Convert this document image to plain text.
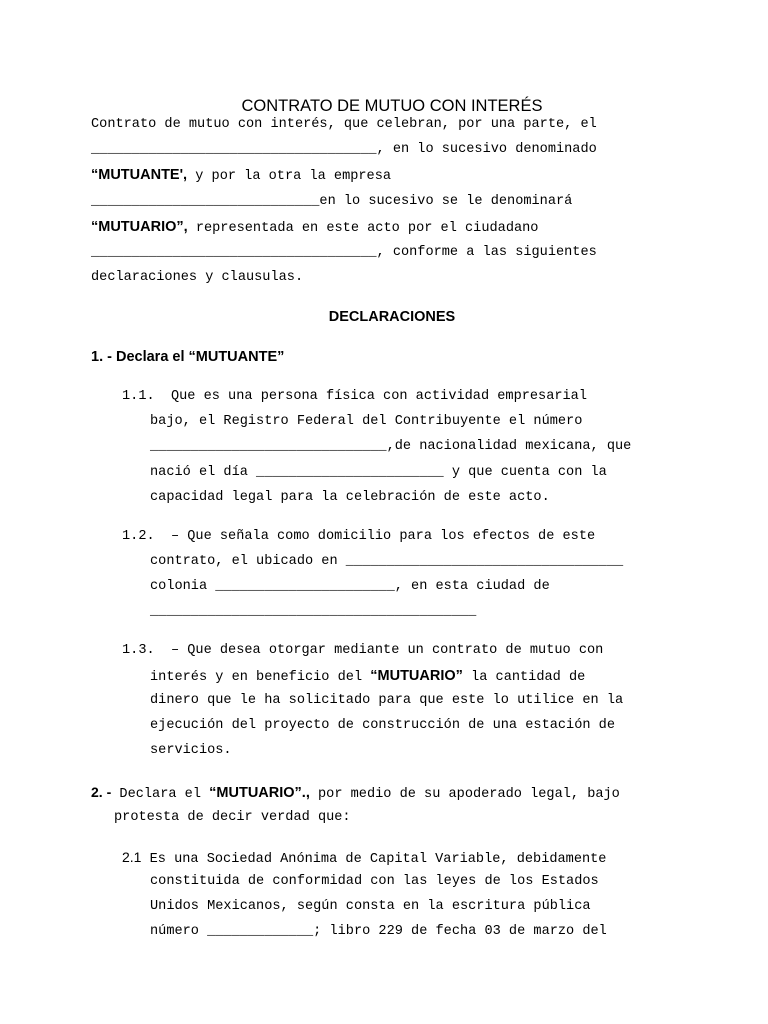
CONTRATO DE MUTUO CON INTERÉS
Contrato de mutuo con interés, que celebran, por una parte, el
___________________________________, en lo sucesivo denominado
“MUTUANTE', y por la otra la empresa
____________________________en lo sucesivo se le denominará
“MUTUARIO”, representada en este acto por el ciudadano
___________________________________, conforme a las siguientes
declaraciones y clausulas.
DECLARACIONES
1. - Declara el “MUTUANTE”
1.1.  Que es una persona física con actividad empresarial
bajo, el Registro Federal del Contribuyente el número
_____________________________,de nacionalidad mexicana, que
nació el día _______________________ y que cuenta con la
capacidad legal para la celebración de este acto.
1.2.  – Que señala como domicilio para los efectos de este
contrato, el ubicado en __________________________________
colonia ______________________, en esta ciudad de
________________________________________
1.3.  – Que desea otorgar mediante un contrato de mutuo con
interés y en beneficio del “MUTUARIO” la cantidad de
dinero que le ha solicitado para que este lo utilice en la
ejecución del proyecto de construcción de una estación de
servicios.
2. - Declara el “MUTUARIO”., por medio de su apoderado legal, bajo
protesta de decir verdad que:
2.1 Es una Sociedad Anónima de Capital Variable, debidamente
constituida de conformidad con las leyes de los Estados
Unidos Mexicanos, según consta en la escritura pública
número _____________; libro 229 de fecha 03 de marzo del
